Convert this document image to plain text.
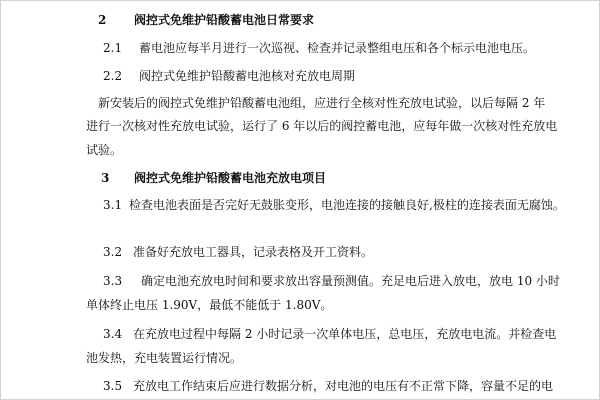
2 阀控式免维护铅酸蓄电池日常要求
2.1 蓄电池应每半月进行一次巡视、检查并记录整组电压和各个标示电池电压。
2.2 阀控式免维护铅酸蓄电池核对充放电周期
新安装后的阀控式免维护铅酸蓄电池组，应进行全核对性充放电试验，以后每隔 2 年
进行一次核对性充放电试验，运行了 6 年以后的阀控蓄电池，应每年做一次核对性充放电
试验。
3 阀控式免维护铅酸蓄电池充放电项目
3.1 检查电池表面是否完好无鼓胀变形，电池连接的接触良好,极柱的连接表面无腐蚀。
3.2 准备好充放电工器具，记录表格及开工资料。
3.3 确定电池充放电时间和要求放出容量预测值。充足电后进入放电，放电 10 小时
单体终止电压 1.90V，最低不能低于 1.80V。
3.4 在充放电过程中每隔 2 小时记录一次单体电压，总电压，充放电电流。并检查电
池发热，充电装置运行情况。
3.5 充放电工作结束后应进行数据分析，对电池的电压有不正常下降，容量不足的电
